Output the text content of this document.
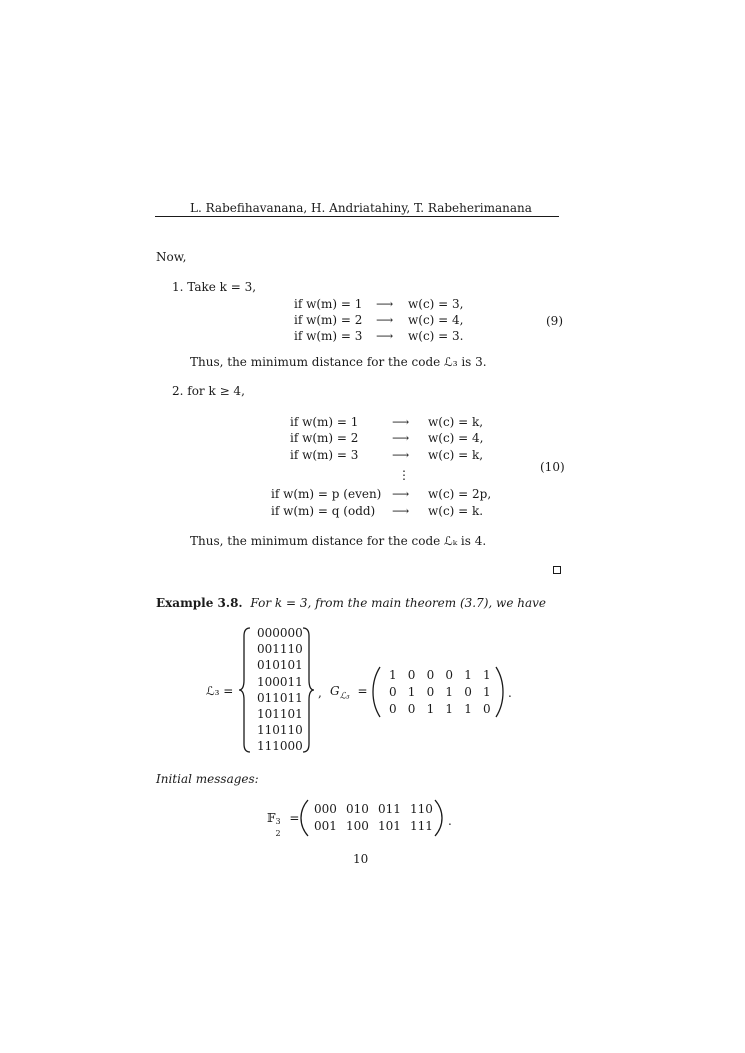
L. Rabefihavanana, H. Andriatahiny, T. Rabeherimanana
Now,
1. Take k = 3,
if w(m) = 1 ⟶ w(c) = 3,
if w(m) = 2 ⟶ w(c) = 4,
if w(m) = 3 ⟶ w(c) = 3.
(9)
Thus, the minimum distance for the code ℒ₃ is 3.
2. for k ≥ 4,
if w(m) = 1	⟶ w(c) = k,
if w(m) = 2	⟶ w(c) = 4,
if w(m) = 3	⟶ w(c) = k,
if w(m) = p (even) ⟶ w(c) = 2p,
if w(m) = q (odd) ⟶ w(c) = k.
⋮
(10)
Thus, the minimum distance for the code ℒₖ is 4.
Example 3.8. For k = 3, from the main theorem (3.7), we have
ℒ₃ =
000000
001110
010101
100011
011011
101101
110110
111000
, $G_{ℒ_3}$ =
1 0 0 0 1 1
0 1 0 1 0 1
0 0 1 1 1 0
.
Initial messages:
𝔽 3
2
=
000 010 011 110
001 100 101 111 .
10
